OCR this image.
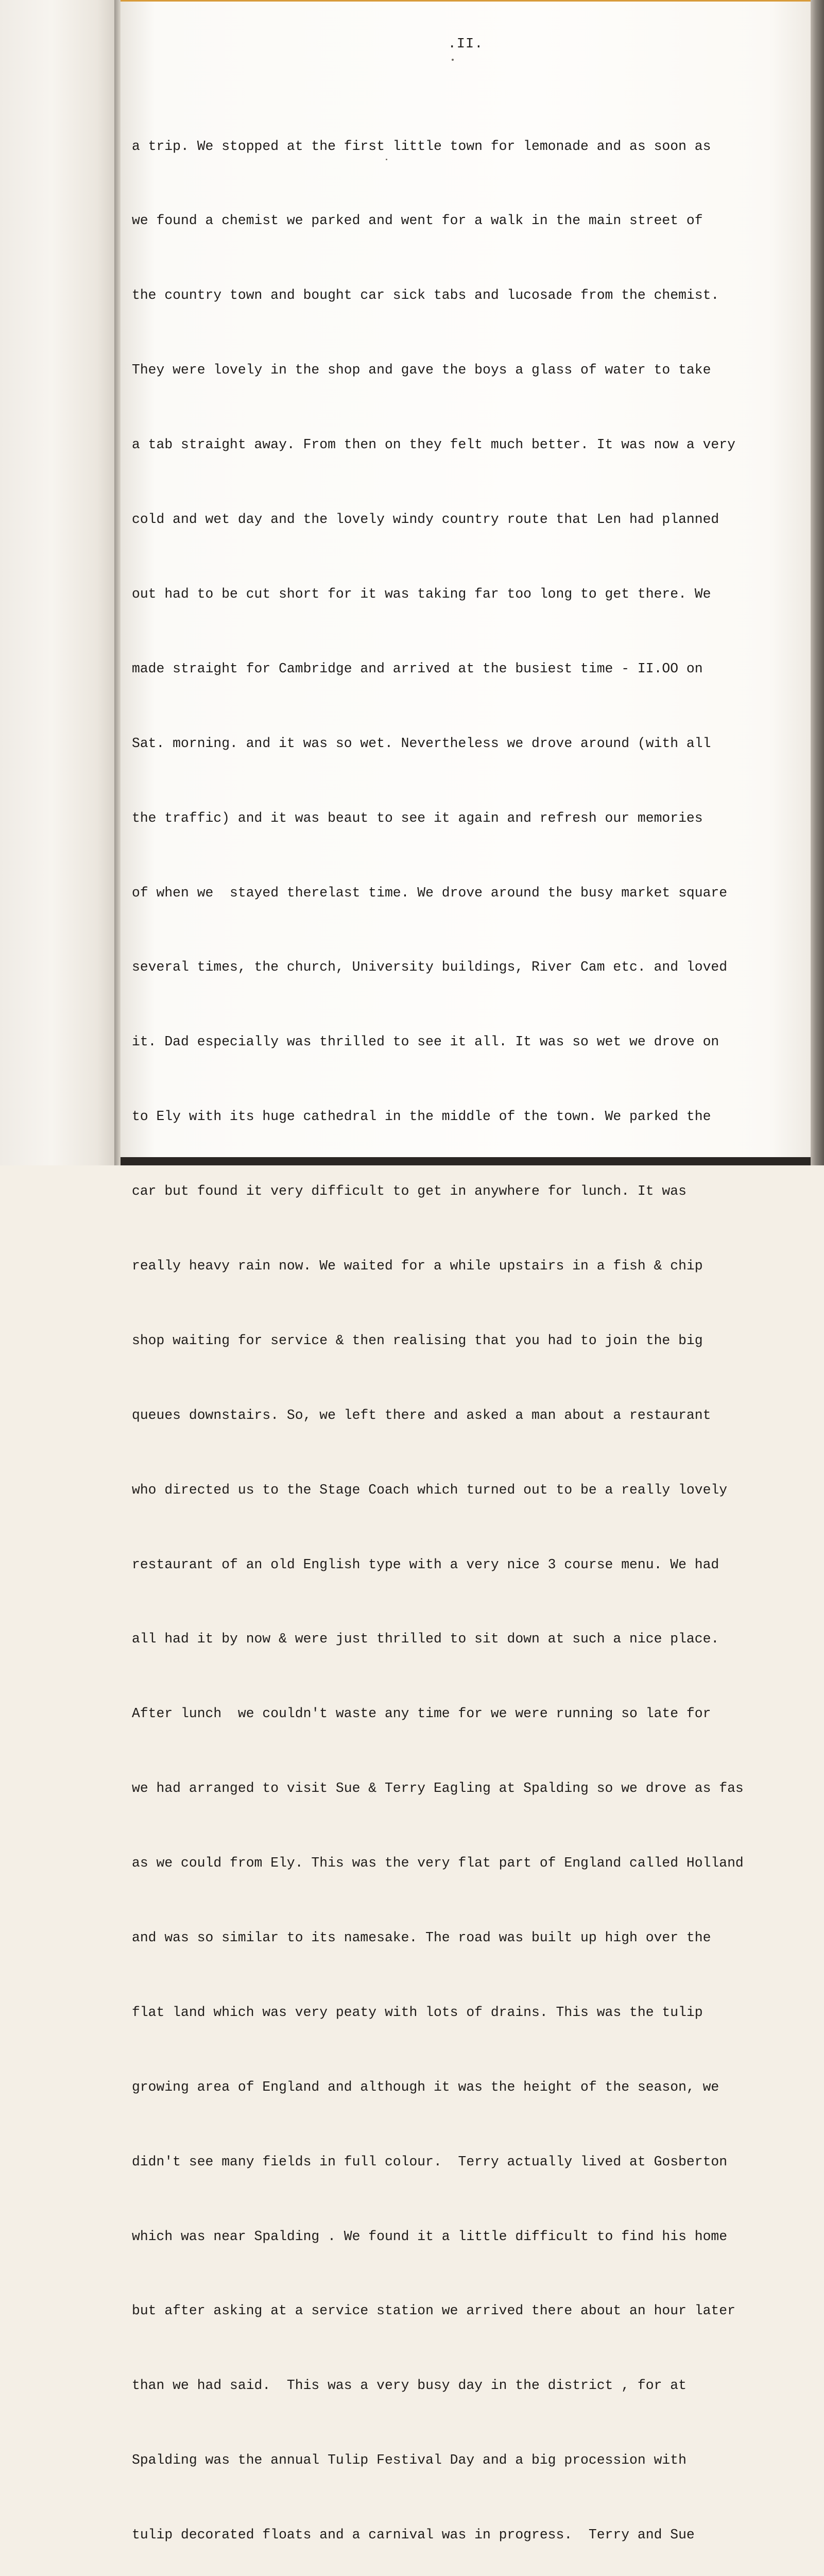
.II.

a trip. We stopped at the first little town for lemonade and as soon as

we found a chemist we parked and went for a walk in the main street of

the country town and bought car sick tabs and lucosade from the chemist.

They were lovely in the shop and gave the boys a glass of water to take

a tab straight away. From then on they felt much better. It was now a very

cold and wet day and the lovely windy country route that Len had planned

out had to be cut short for it was taking far too long to get there. We

made straight for Cambridge and arrived at the busiest time - II.OO on

Sat. morning. and it was so wet. Nevertheless we drove around (with all

the traffic) and it was beaut to see it again and refresh our memories

of when we  stayed therelast time. We drove around the busy market square

several times, the church, University buildings, River Cam etc. and loved

it. Dad especially was thrilled to see it all. It was so wet we drove on

to Ely with its huge cathedral in the middle of the town. We parked the

car but found it very difficult to get in anywhere for lunch. It was

really heavy rain now. We waited for a while upstairs in a fish & chip

shop waiting for service & then realising that you had to join the big

queues downstairs. So, we left there and asked a man about a restaurant

who directed us to the Stage Coach which turned out to be a really lovely

restaurant of an old English type with a very nice 3 course menu. We had

all had it by now & were just thrilled to sit down at such a nice place.

After lunch  we couldn't waste any time for we were running so late for

we had arranged to visit Sue & Terry Eagling at Spalding so we drove as fas

as we could from Ely. This was the very flat part of England called Holland

and was so similar to its namesake. The road was built up high over the

flat land which was very peaty with lots of drains. This was the tulip

growing area of England and although it was the height of the season, we

didn't see many fields in full colour.  Terry actually lived at Gosberton

which was near Spalding . We found it a little difficult to find his home

but after asking at a service station we arrived there about an hour later

than we had said.  This was a very busy day in the district , for at

Spalding was the annual Tulip Festival Day and a big procession with

tulip decorated floats and a carnival was in progress.  Terry and Sue
